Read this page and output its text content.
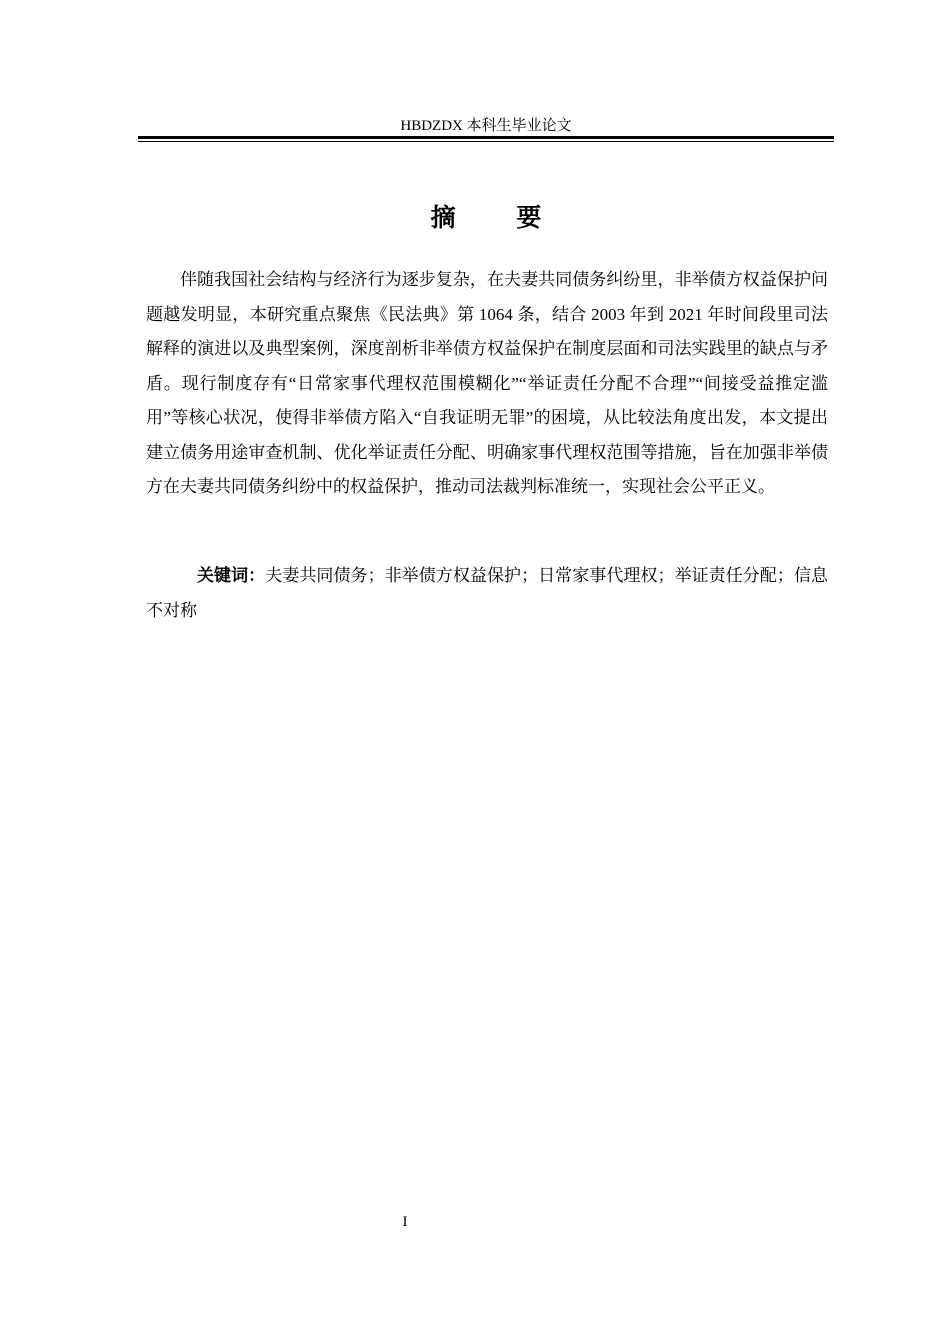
HBDZDX 本科生毕业论文
摘 要

伴随我国社会结构与经济行为逐步复杂，在夫妻共同债务纠纷里，非举债方权益保护问题越发明显，本研究重点聚焦《民法典》第 1064 条，结合 2003 年到 2021 年时间段里司法解释的演进以及典型案例，深度剖析非举债方权益保护在制度层面和司法实践里的缺点与矛盾。现行制度存有“日常家事代理权范围模糊化”“举证责任分配不合理”“间接受益推定滥用”等核心状况，使得非举债方陷入“自我证明无罪”的困境，从比较法角度出发，本文提出建立债务用途审查机制、优化举证责任分配、明确家事代理权范围等措施，旨在加强非举债方在夫妻共同债务纠纷中的权益保护，推动司法裁判标准统一，实现社会公平正义。

关键词：夫妻共同债务；非举债方权益保护；日常家事代理权；举证责任分配；信息不对称

I
